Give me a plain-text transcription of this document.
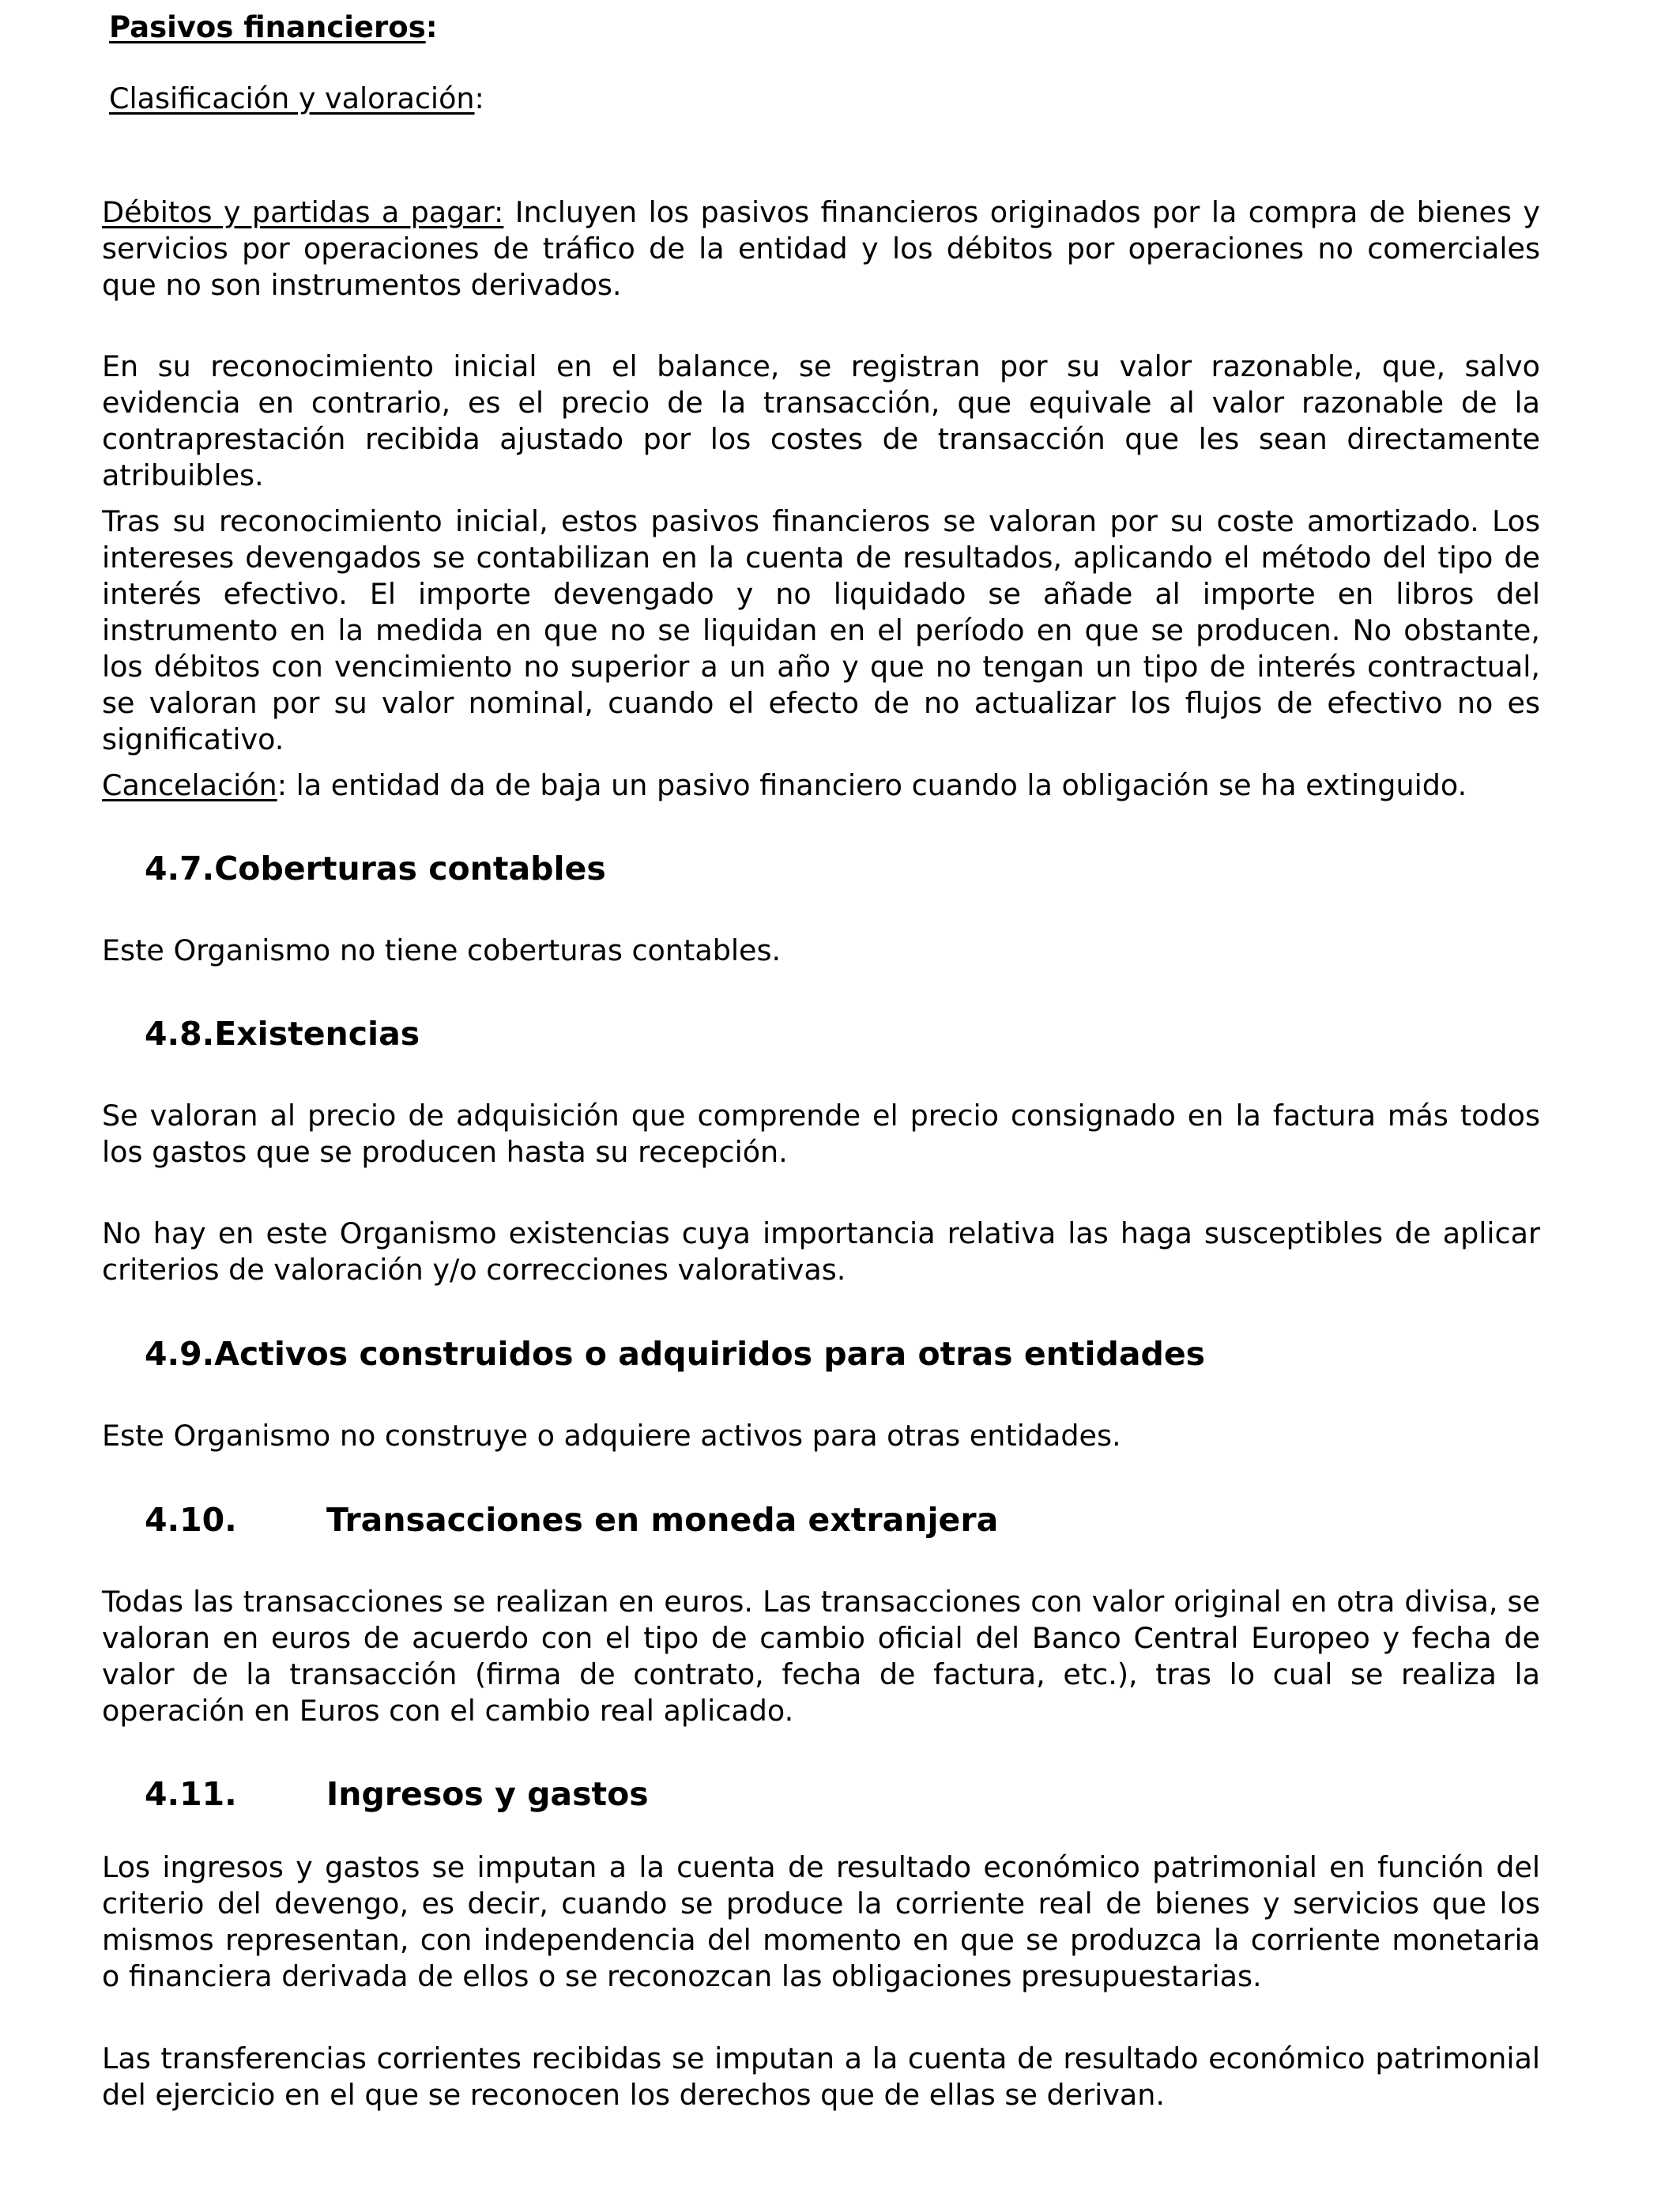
Pasivos financieros:

Clasificación y valoración:

Débitos y partidas a pagar: Incluyen los pasivos financieros originados por la compra de bienes y servicios por operaciones de tráfico de la entidad y los débitos por operaciones no comerciales que no son instrumentos derivados.

En su reconocimiento inicial en el balance, se registran por su valor razonable, que, salvo evidencia en contrario, es el precio de la transacción, que equivale al valor razonable de la contraprestación recibida ajustado por los costes de transacción que les sean directamente atribuibles.

Tras su reconocimiento inicial, estos pasivos financieros se valoran por su coste amortizado. Los intereses devengados se contabilizan en la cuenta de resultados, aplicando el método del tipo de interés efectivo. El importe devengado y no liquidado se añade al importe en libros del instrumento en la medida en que no se liquidan en el período en que se producen. No obstante, los débitos con vencimiento no superior a un año y que no tengan un tipo de interés contractual, se valoran por su valor nominal, cuando el efecto de no actualizar los flujos de efectivo no es significativo.

Cancelación: la entidad da de baja un pasivo financiero cuando la obligación se ha extinguido.

4.7.Coberturas contables

Este Organismo no tiene coberturas contables.

4.8.Existencias

Se valoran al precio de adquisición que comprende el precio consignado en la factura más todos los gastos que se producen hasta su recepción.

No hay en este Organismo existencias cuya importancia relativa las haga susceptibles de aplicar criterios de valoración y/o correcciones valorativas.

4.9.Activos construidos o adquiridos para otras entidades

Este Organismo no construye o adquiere activos para otras entidades.

4.10.	Transacciones en moneda extranjera

Todas las transacciones se realizan en euros. Las transacciones con valor original en otra divisa, se valoran en euros de acuerdo con el tipo de cambio oficial del Banco Central Europeo y fecha de valor de la transacción (firma de contrato, fecha de factura, etc.), tras lo cual se realiza la operación en Euros con el cambio real aplicado.

4.11.	Ingresos y gastos

Los ingresos y gastos se imputan a la cuenta de resultado económico patrimonial en función del criterio del devengo, es decir, cuando se produce la corriente real de bienes y servicios que los mismos representan, con independencia del momento en que se produzca la corriente monetaria o financiera derivada de ellos o se reconozcan las obligaciones presupuestarias.

Las transferencias corrientes recibidas se imputan a la cuenta de resultado económico patrimonial del ejercicio en el que se reconocen los derechos que de ellas se derivan.
